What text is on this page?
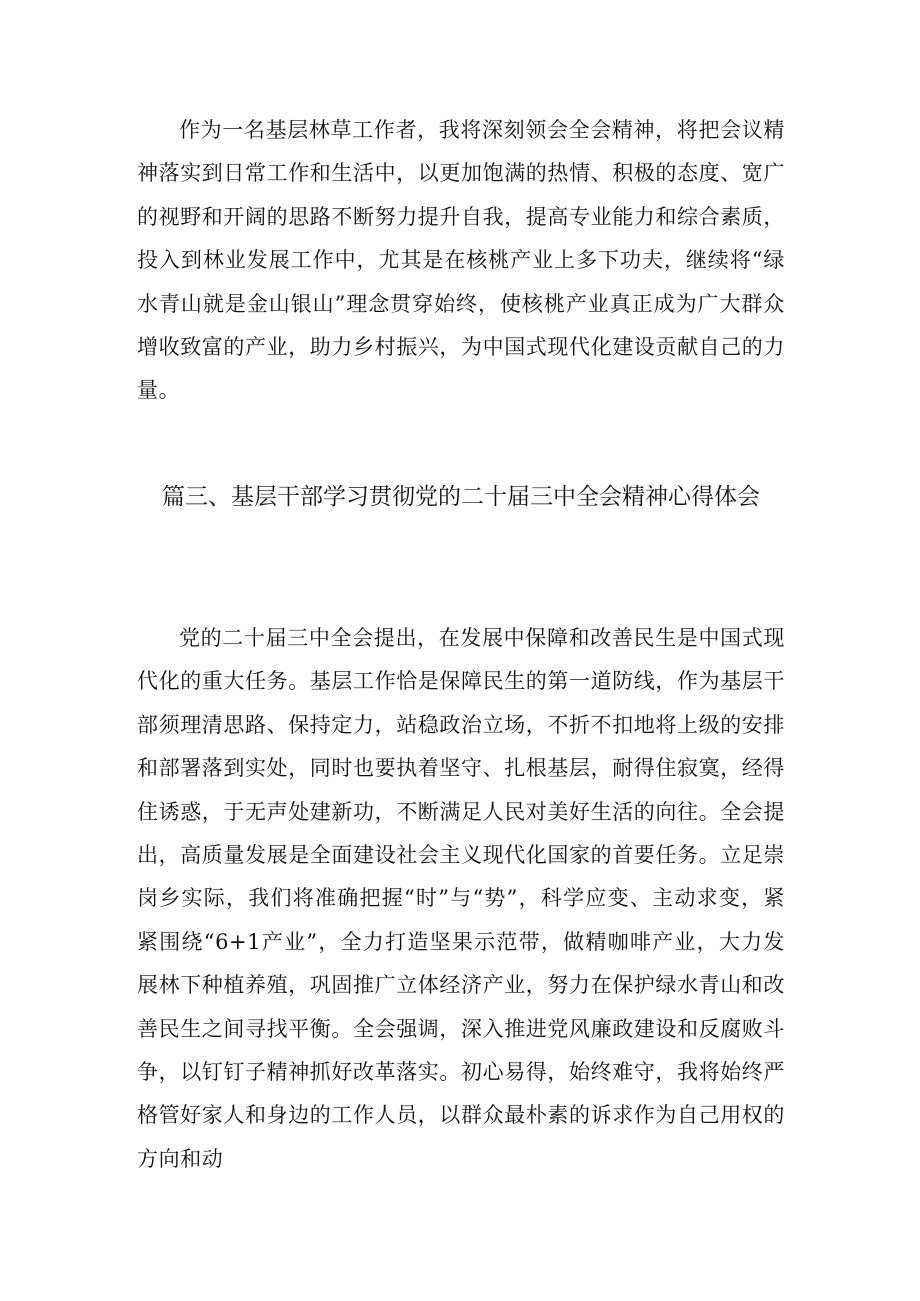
作为一名基层林草工作者，我将深刻领会全会精神，将把会议精神落实到日常工作和生活中，以更加饱满的热情、积极的态度、宽广的视野和开阔的思路不断努力提升自我，提高专业能力和综合素质，投入到林业发展工作中，尤其是在核桃产业上多下功夫，继续将“绿水青山就是金山银山”理念贯穿始终，使核桃产业真正成为广大群众增收致富的产业，助力乡村振兴，为中国式现代化建设贡献自己的力量。

篇三、基层干部学习贯彻党的二十届三中全会精神心得体会

党的二十届三中全会提出，在发展中保障和改善民生是中国式现代化的重大任务。基层工作恰是保障民生的第一道防线，作为基层干部须理清思路、保持定力，站稳政治立场，不折不扣地将上级的安排和部署落到实处，同时也要执着坚守、扎根基层，耐得住寂寞，经得住诱惑，于无声处建新功，不断满足人民对美好生活的向往。全会提出，高质量发展是全面建设社会主义现代化国家的首要任务。立足崇岗乡实际，我们将准确把握“时”与“势”，科学应变、主动求变，紧紧围绕“6+1产业”，全力打造坚果示范带，做精咖啡产业，大力发展林下种植养殖，巩固推广立体经济产业，努力在保护绿水青山和改善民生之间寻找平衡。全会强调，深入推进党风廉政建设和反腐败斗争，以钉钉子精神抓好改革落实。初心易得，始终难守，我将始终严格管好家人和身边的工作人员，以群众最朴素的诉求作为自己用权的方向和动
